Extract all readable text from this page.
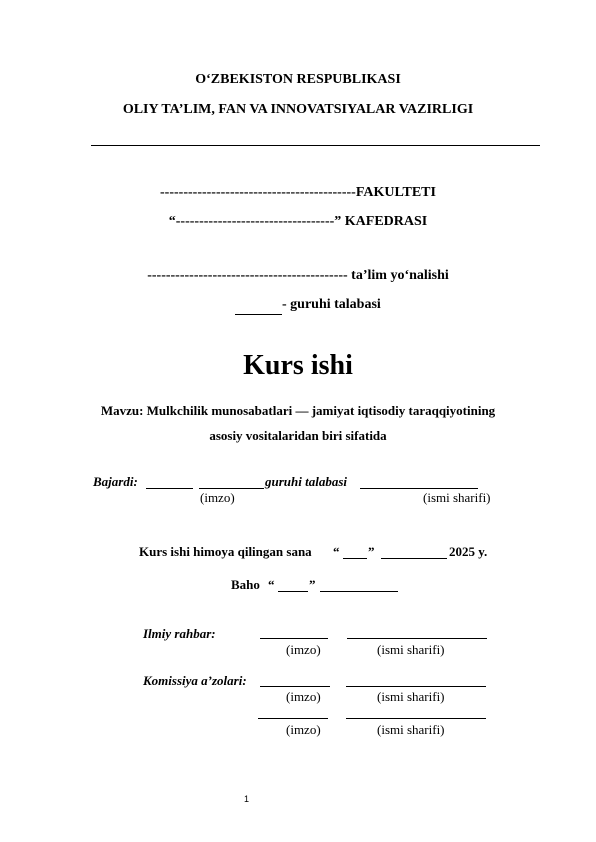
O‘ZBEKISTON RESPUBLIKASI
OLIY TA’LIM, FAN VA INNOVATSIYALAR VAZIRLIGI
------------------------------------------FAKULTETI
“----------------------------------” KAFEDRASI
------------------------------------------- ta’lim yo‘nalishi
- guruhi talabasi
Kurs ishi
Mavzu: Mulkchilik munosabatlari — jamiyat iqtisodiy taraqqiyotining
asosiy vositalaridan biri sifatida
Bajardi:	guruhi talabasi
(imzo)	(ismi sharifi)
Kurs ishi himoya qilingan sana “ ”	2025 y.
Baho “	”
Ilmiy rahbar:
(imzo)	(ismi sharifi)
Komissiya a’zolari:
(imzo)	(ismi sharifi)
(imzo)	(ismi sharifi)
1
